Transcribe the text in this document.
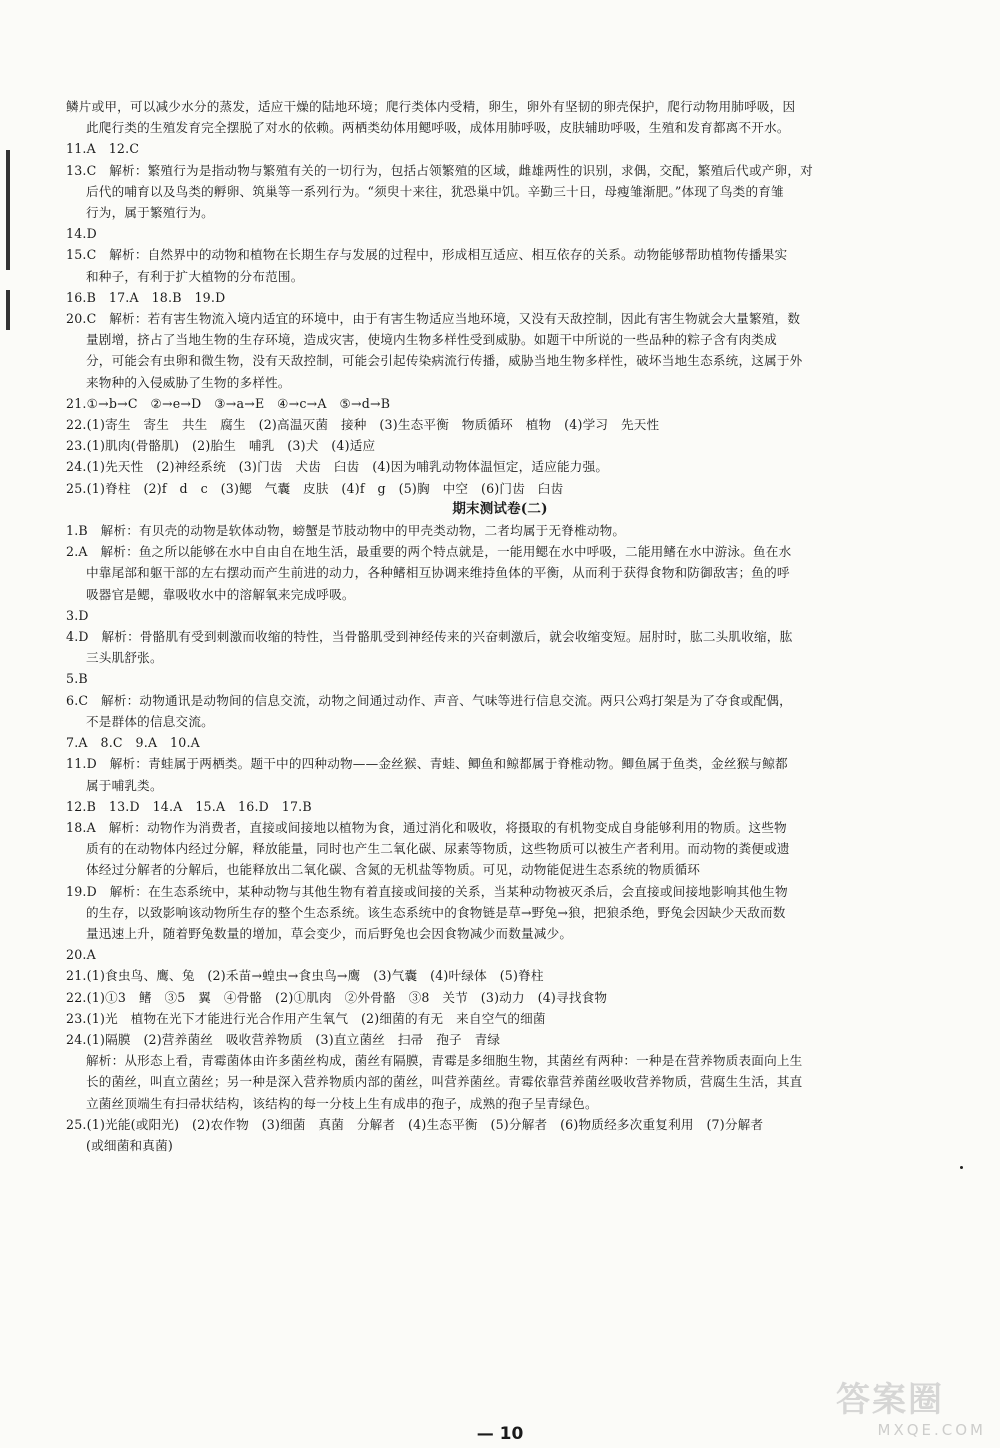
鳞片或甲，可以减少水分的蒸发，适应干燥的陆地环境；爬行类体内受精，卵生，卵外有坚韧的卵壳保护，爬行动物用肺呼吸，因

此爬行类的生殖发育完全摆脱了对水的依赖。两栖类幼体用鳃呼吸，成体用肺呼吸，皮肤辅助呼吸，生殖和发育都离不开水。

11.A　12.C

13.C　解析：繁殖行为是指动物与繁殖有关的一切行为，包括占领繁殖的区域，雌雄两性的识别，求偶，交配，繁殖后代或产卵，对

后代的哺育以及鸟类的孵卵、筑巢等一系列行为。“须臾十来往，犹恐巢中饥。辛勤三十日，母瘦雏渐肥。”体现了鸟类的育雏

行为，属于繁殖行为。

14.D

15.C　解析：自然界中的动物和植物在长期生存与发展的过程中，形成相互适应、相互依存的关系。动物能够帮助植物传播果实

和种子，有利于扩大植物的分布范围。

16.B　17.A　18.B　19.D

20.C　解析：若有害生物流入境内适宜的环境中，由于有害生物适应当地环境，又没有天敌控制，因此有害生物就会大量繁殖，数

量剧增，挤占了当地生物的生存环境，造成灾害，使境内生物多样性受到威胁。如题干中所说的一些品种的粽子含有肉类成

分，可能会有虫卵和微生物，没有天敌控制，可能会引起传染病流行传播，威胁当地生物多样性，破坏当地生态系统，这属于外

来物种的入侵威胁了生物的多样性。

21.①→b→C　②→e→D　③→a→E　④→c→A　⑤→d→B

22.(1)寄生　寄生　共生　腐生　(2)高温灭菌　接种　(3)生态平衡　物质循环　植物　(4)学习　先天性

23.(1)肌肉(骨骼肌)　(2)胎生　哺乳　(3)犬　(4)适应

24.(1)先天性　(2)神经系统　(3)门齿　犬齿　臼齿　(4)因为哺乳动物体温恒定，适应能力强。

25.(1)脊柱　(2)f　d　c　(3)鳃　气囊　皮肤　(4)f　g　(5)胸　中空　(6)门齿　臼齿

期末测试卷(二)

1.B　解析：有贝壳的动物是软体动物，螃蟹是节肢动物中的甲壳类动物，二者均属于无脊椎动物。

2.A　解析：鱼之所以能够在水中自由自在地生活，最重要的两个特点就是，一能用鳃在水中呼吸，二能用鳍在水中游泳。鱼在水

中靠尾部和躯干部的左右摆动而产生前进的动力，各种鳍相互协调来维持鱼体的平衡，从而利于获得食物和防御敌害；鱼的呼

吸器官是鳃，靠吸收水中的溶解氧来完成呼吸。

3.D

4.D　解析：骨骼肌有受到刺激而收缩的特性，当骨骼肌受到神经传来的兴奋刺激后，就会收缩变短。屈肘时，肱二头肌收缩，肱

三头肌舒张。

5.B

6.C　解析：动物通讯是动物间的信息交流，动物之间通过动作、声音、气味等进行信息交流。两只公鸡打架是为了夺食或配偶，

不是群体的信息交流。

7.A　8.C　9.A　10.A

11.D　解析：青蛙属于两栖类。题干中的四种动物——金丝猴、青蛙、鲫鱼和鲸都属于脊椎动物。鲫鱼属于鱼类，金丝猴与鲸都

属于哺乳类。

12.B　13.D　14.A　15.A　16.D　17.B

18.A　解析：动物作为消费者，直接或间接地以植物为食，通过消化和吸收，将摄取的有机物变成自身能够利用的物质。这些物

质有的在动物体内经过分解，释放能量，同时也产生二氧化碳、尿素等物质，这些物质可以被生产者利用。而动物的粪便或遗

体经过分解者的分解后，也能释放出二氧化碳、含氮的无机盐等物质。可见，动物能促进生态系统的物质循环

19.D　解析：在生态系统中，某种动物与其他生物有着直接或间接的关系，当某种动物被灭杀后，会直接或间接地影响其他生物

的生存，以致影响该动物所生存的整个生态系统。该生态系统中的食物链是草→野兔→狼，把狼杀绝，野兔会因缺少天敌而数

量迅速上升，随着野兔数量的增加，草会变少，而后野兔也会因食物减少而数量减少。

20.A

21.(1)食虫鸟、鹰、兔　(2)禾苗→蝗虫→食虫鸟→鹰　(3)气囊　(4)叶绿体　(5)脊柱

22.(1)①3　鳍　③5　翼　④骨骼　(2)①肌肉　②外骨骼　③8　关节　(3)动力　(4)寻找食物

23.(1)光　植物在光下才能进行光合作用产生氧气　(2)细菌的有无　来自空气的细菌

24.(1)隔膜　(2)营养菌丝　吸收营养物质　(3)直立菌丝　扫帚　孢子　青绿

解析：从形态上看，青霉菌体由许多菌丝构成，菌丝有隔膜，青霉是多细胞生物，其菌丝有两种：一种是在营养物质表面向上生

长的菌丝，叫直立菌丝；另一种是深入营养物质内部的菌丝，叫营养菌丝。青霉依靠营养菌丝吸收营养物质，营腐生生活，其直

立菌丝顶端生有扫帚状结构，该结构的每一分枝上生有成串的孢子，成熟的孢子呈青绿色。

25.(1)光能(或阳光)　(2)农作物　(3)细菌　真菌　分解者　(4)生态平衡　(5)分解者　(6)物质经多次重复利用　(7)分解者

(或细菌和真菌)

— 10
答案圈
MXQE.COM
